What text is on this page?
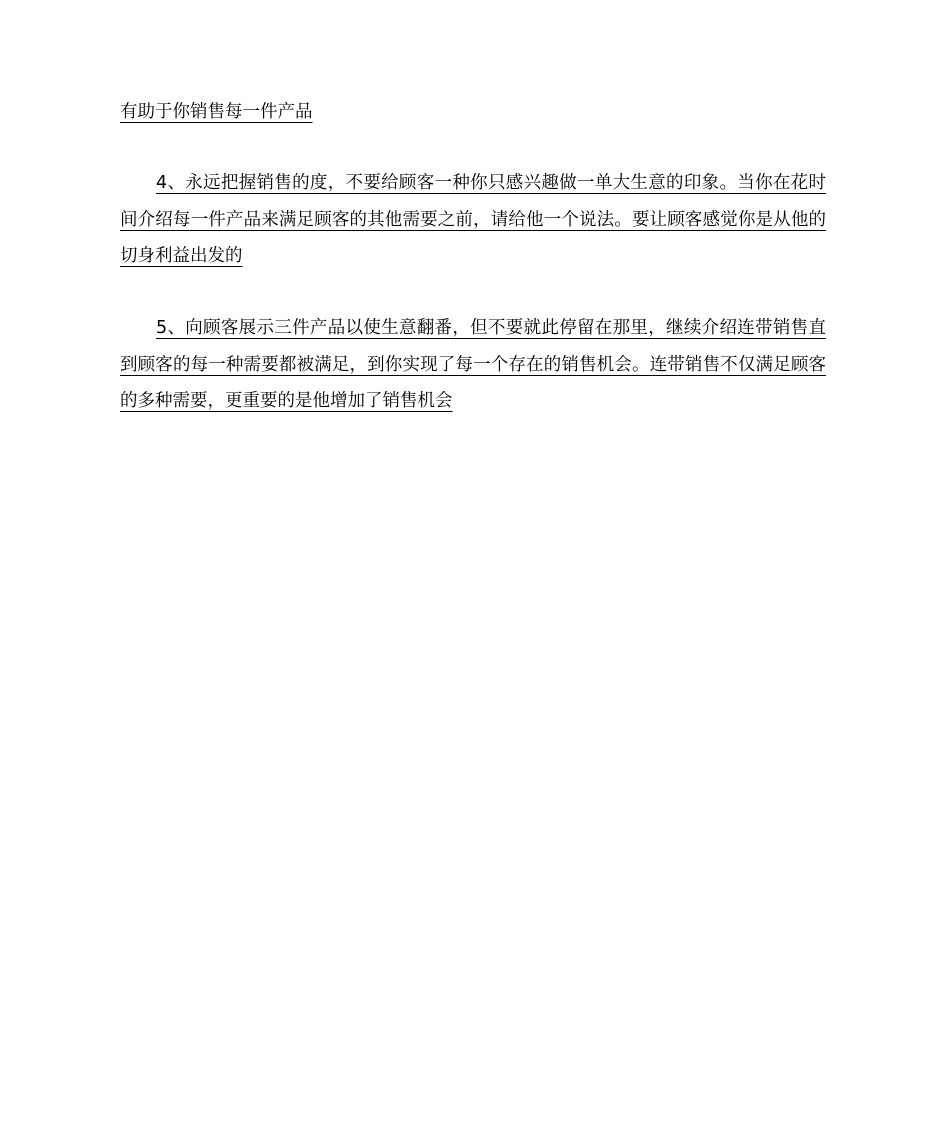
有助于你销售每一件产品
4、永远把握销售的度，不要给顾客一种你只感兴趣做一单大生意的印象。当你在花时间介绍每一件产品来满足顾客的其他需要之前，请给他一个说法。要让顾客感觉你是从他的切身利益出发的
5、向顾客展示三件产品以使生意翻番，但不要就此停留在那里，继续介绍连带销售直到顾客的每一种需要都被满足，到你实现了每一个存在的销售机会。连带销售不仅满足顾客的多种需要，更重要的是他增加了销售机会
